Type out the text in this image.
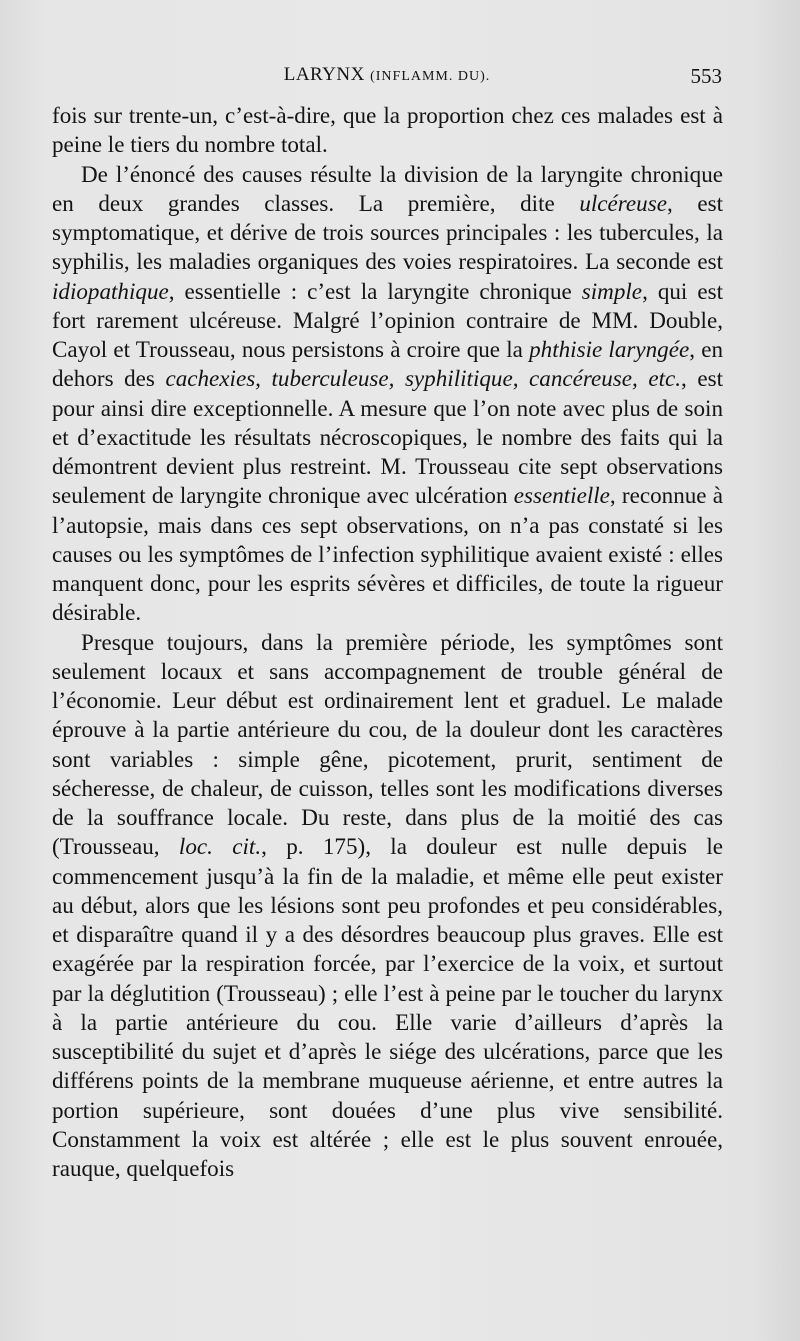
LARYNX (INFLAMM. DU).	553

fois sur trente-un, c’est-à-dire, que la proportion chez ces malades est à peine le tiers du nombre total.

De l’énoncé des causes résulte la division de la laryngite chronique en deux grandes classes. La première, dite ulcéreuse, est symptomatique, et dérive de trois sources principales : les tubercules, la syphilis, les maladies organiques des voies respiratoires. La seconde est idiopathique, essentielle : c’est la laryngite chronique simple, qui est fort rarement ulcéreuse. Malgré l’opinion contraire de MM. Double, Cayol et Trousseau, nous persistons à croire que la phthisie laryngée, en dehors des cachexies, tuberculeuse, syphilitique, cancéreuse, etc., est pour ainsi dire exceptionnelle. A mesure que l’on note avec plus de soin et d’exactitude les résultats nécroscopiques, le nombre des faits qui la démontrent devient plus restreint. M. Trousseau cite sept observations seulement de laryngite chronique avec ulcération essentielle, reconnue à l’autopsie, mais dans ces sept observations, on n’a pas constaté si les causes ou les symptômes de l’infection syphilitique avaient existé : elles manquent donc, pour les esprits sévères et difficiles, de toute la rigueur désirable.

Presque toujours, dans la première période, les symptômes sont seulement locaux et sans accompagnement de trouble général de l’économie. Leur début est ordinairement lent et graduel. Le malade éprouve à la partie antérieure du cou, de la douleur dont les caractères sont variables : simple gêne, picotement, prurit, sentiment de sécheresse, de chaleur, de cuisson, telles sont les modifications diverses de la souffrance locale. Du reste, dans plus de la moitié des cas (Trousseau, loc. cit., p. 175), la douleur est nulle depuis le commencement jusqu’à la fin de la maladie, et même elle peut exister au début, alors que les lésions sont peu profondes et peu considérables, et disparaître quand il y a des désordres beaucoup plus graves. Elle est exagérée par la respiration forcée, par l’exercice de la voix, et surtout par la déglutition (Trousseau) ; elle l’est à peine par le toucher du larynx à la partie antérieure du cou. Elle varie d’ailleurs d’après la susceptibilité du sujet et d’après le siége des ulcérations, parce que les différens points de la membrane muqueuse aérienne, et entre autres la portion supérieure, sont douées d’une plus vive sensibilité. Constamment la voix est altérée ; elle est le plus souvent enrouée, rauque, quelquefois
